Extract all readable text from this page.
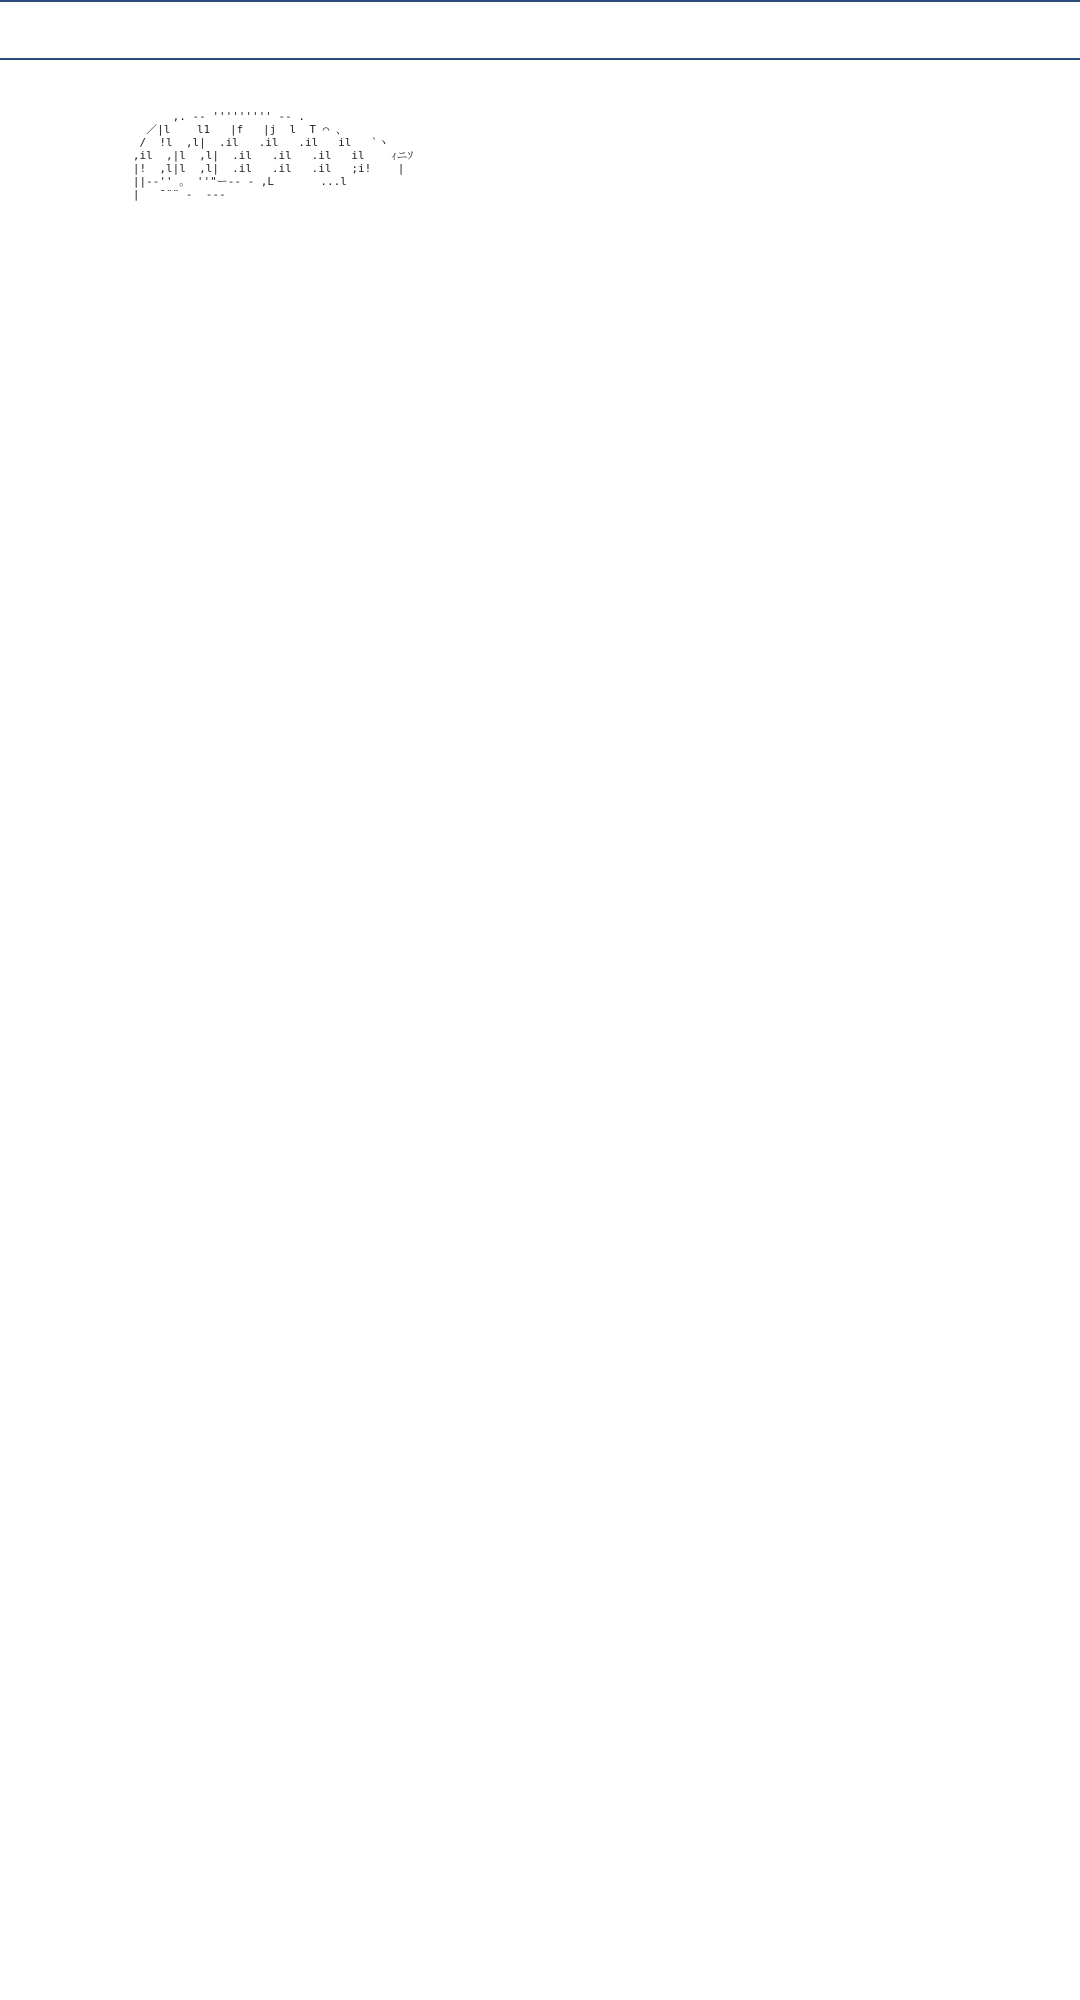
,. -‐ ''''''''' ‐- .
／|l    l1   |f   |j  l  T ⌒ 、
/  !l  ,l|  .il   .il   .il   il   `ヽ
,il  ,|l  ,l|  .il   .il   .il   il    ｨニｿ
|!  ,l|l  ,l|  .il   .il   .il   ;i!    |
||‐‐'' 。 ''"ー-- ‐ ,L       ...l
|   ̄ ¨¨ ‐  ---
